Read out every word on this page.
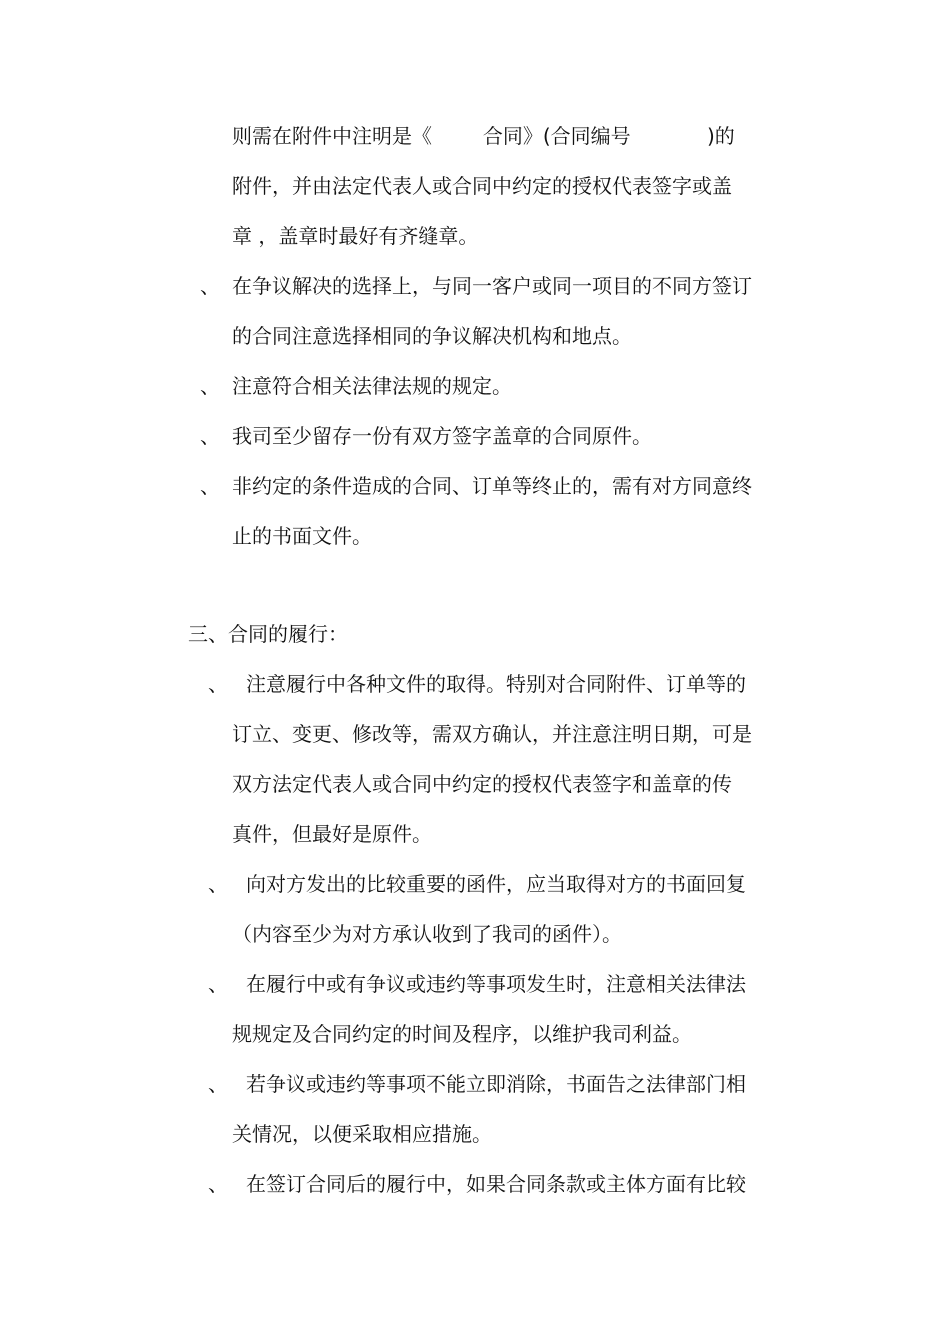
则需在附件中注明是《        合同》(合同编号            )的
附件，并由法定代表人或合同中约定的授权代表签字或盖
章 ，盖章时最好有齐缝章。
、 在争议解决的选择上，与同一客户或同一项目的不同方签订
的合同注意选择相同的争议解决机构和地点。
、 注意符合相关法律法规的规定。
、 我司至少留存一份有双方签字盖章的合同原件。
、 非约定的条件造成的合同、订单等终止的，需有对方同意终
止的书面文件。
三、合同的履行：
、 注意履行中各种文件的取得。特别对合同附件、订单等的
订立、变更、修改等，需双方确认，并注意注明日期，可是
双方法定代表人或合同中约定的授权代表签字和盖章的传
真件，但最好是原件。
、 向对方发出的比较重要的函件，应当取得对方的书面回复
（内容至少为对方承认收到了我司的函件）。
、 在履行中或有争议或违约等事项发生时，注意相关法律法
规规定及合同约定的时间及程序，以维护我司利益。
、 若争议或违约等事项不能立即消除，书面告之法律部门相
关情况，以便采取相应措施。
、 在签订合同后的履行中，如果合同条款或主体方面有比较
